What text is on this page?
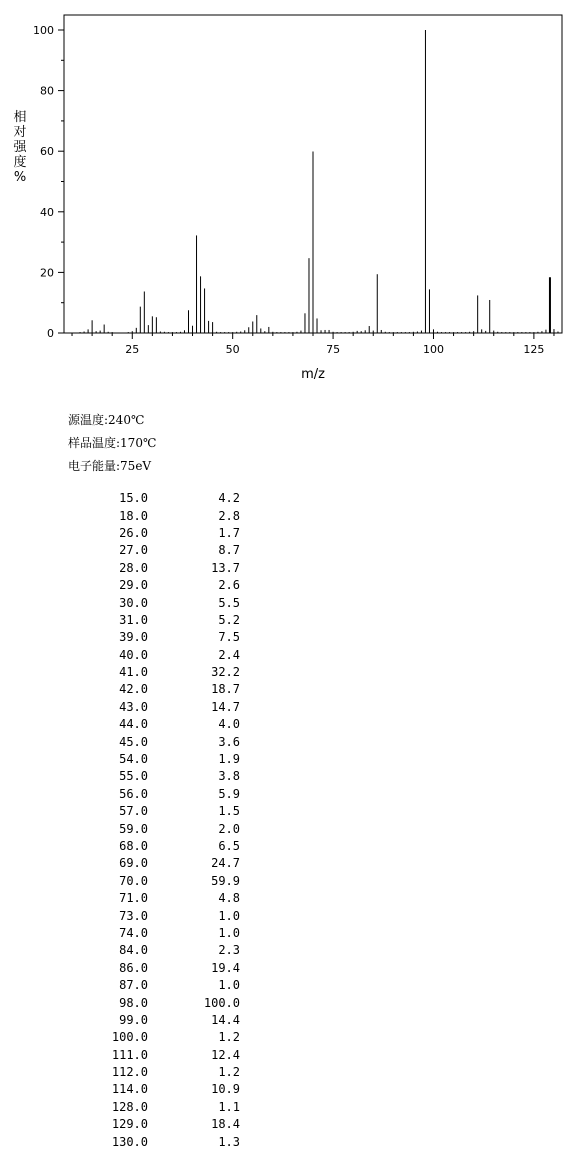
25	50	75	100	125
0
20
40
60
80
100
m/z
相
对
强
度
%
源温度:240℃
样品温度:170℃
电子能量:75eV
15.0	4.2
18.0	2.8
26.0	1.7
27.0	8.7
28.0	13.7
29.0	2.6
30.0	5.5
31.0	5.2
39.0	7.5
40.0	2.4
41.0	32.2
42.0	18.7
43.0	14.7
44.0	4.0
45.0	3.6
54.0	1.9
55.0	3.8
56.0	5.9
57.0	1.5
59.0	2.0
68.0	6.5
69.0	24.7
70.0	59.9
71.0	4.8
73.0	1.0
74.0	1.0
84.0	2.3
86.0	19.4
87.0	1.0
98.0	100.0
99.0	14.4
100.0	1.2
111.0	12.4
112.0	1.2
114.0	10.9
128.0	1.1
129.0	18.4
130.0	1.3
